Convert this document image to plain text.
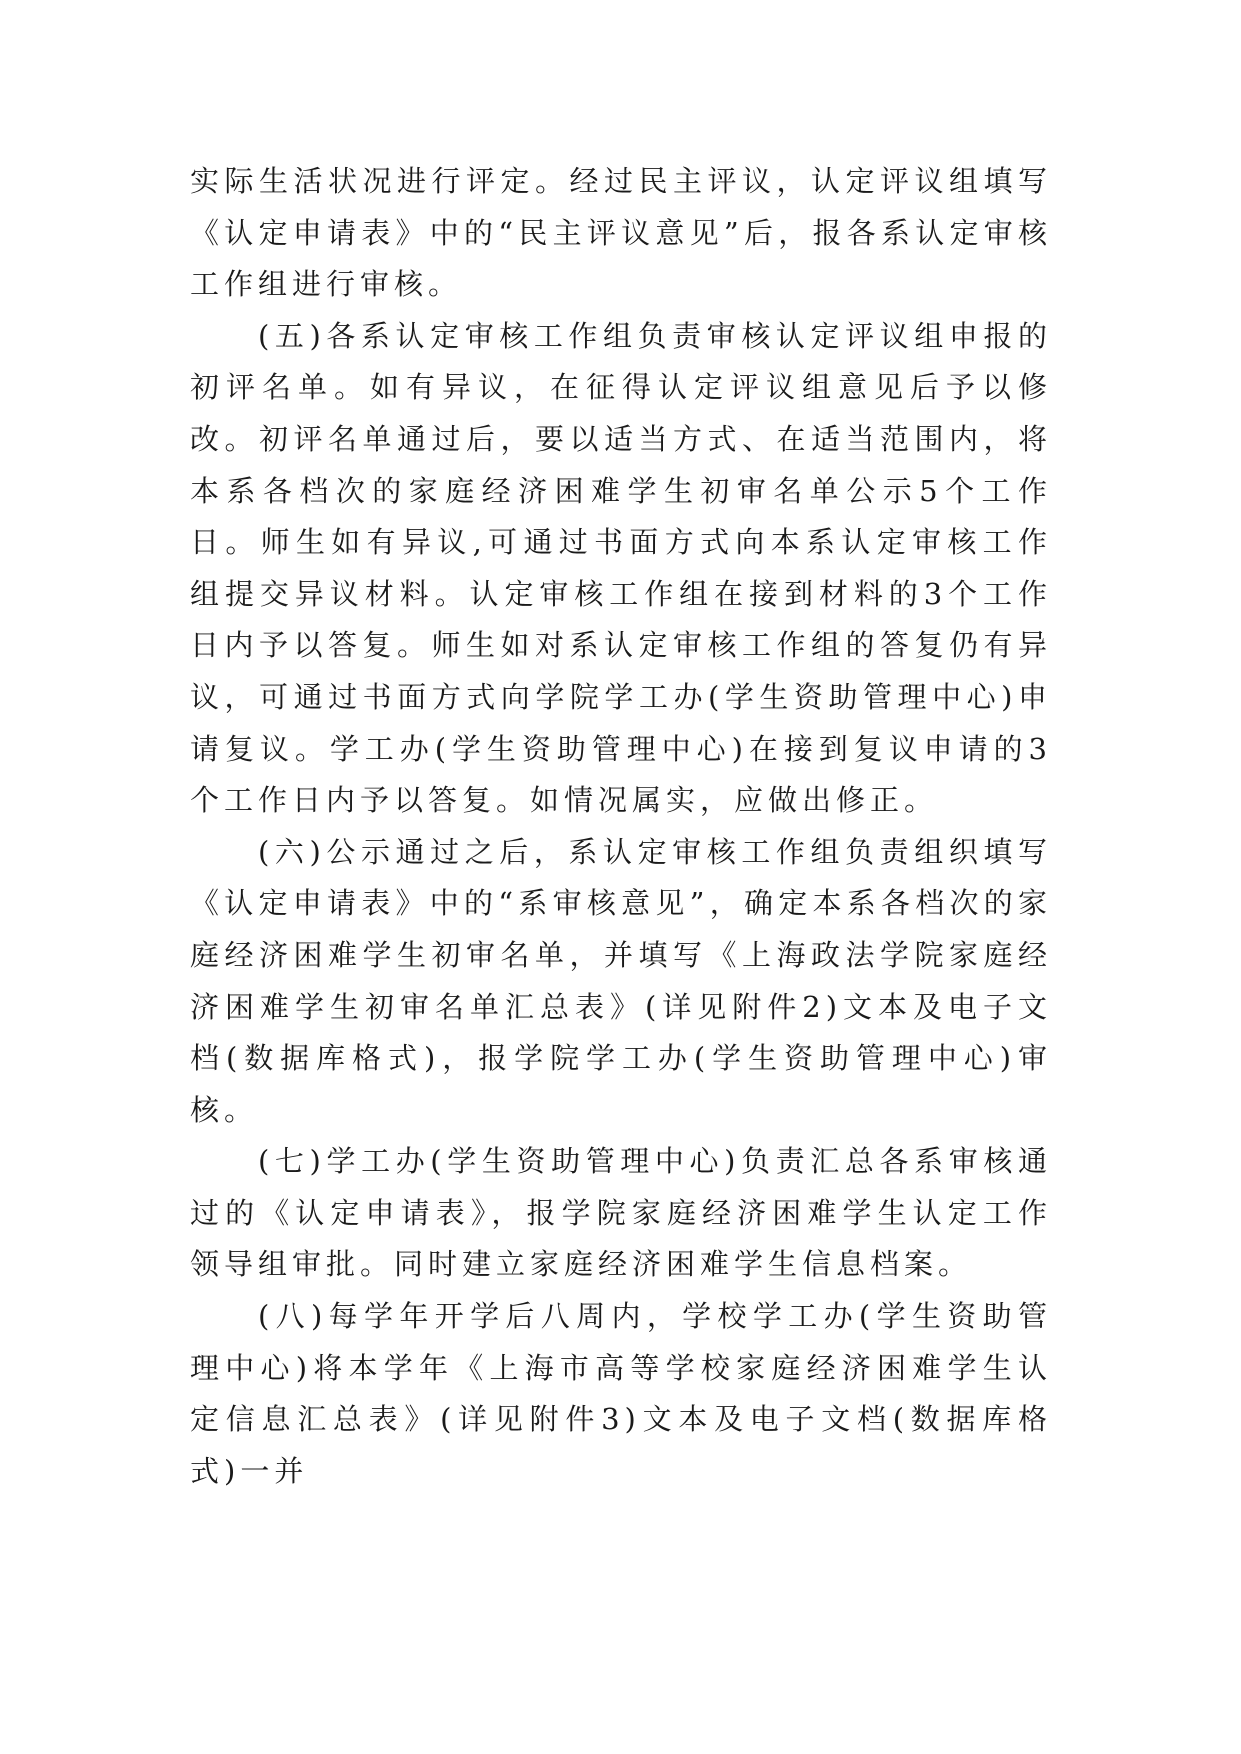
实际生活状况进行评定。经过民主评议，认定评议组填写《认定申请表》中的“民主评议意见”后，报各系认定审核工作组进行审核。

(五)各系认定审核工作组负责审核认定评议组申报的初评名单。如有异议，在征得认定评议组意见后予以修改。初评名单通过后，要以适当方式、在适当范围内，将本系各档次的家庭经济困难学生初审名单公示5个工作日。师生如有异议,可通过书面方式向本系认定审核工作组提交异议材料。认定审核工作组在接到材料的3个工作日内予以答复。师生如对系认定审核工作组的答复仍有异议，可通过书面方式向学院学工办(学生资助管理中心)申请复议。学工办(学生资助管理中心)在接到复议申请的3个工作日内予以答复。如情况属实，应做出修正。

(六)公示通过之后，系认定审核工作组负责组织填写《认定申请表》中的“系审核意见”，确定本系各档次的家庭经济困难学生初审名单，并填写《上海政法学院家庭经济困难学生初审名单汇总表》(详见附件2)文本及电子文档(数据库格式)，报学院学工办(学生资助管理中心)审核。

(七)学工办(学生资助管理中心)负责汇总各系审核通过的《认定申请表》，报学院家庭经济困难学生认定工作领导组审批。同时建立家庭经济困难学生信息档案。

(八)每学年开学后八周内，学校学工办(学生资助管理中心)将本学年《上海市高等学校家庭经济困难学生认定信息汇总表》(详见附件3)文本及电子文档(数据库格式)一并
